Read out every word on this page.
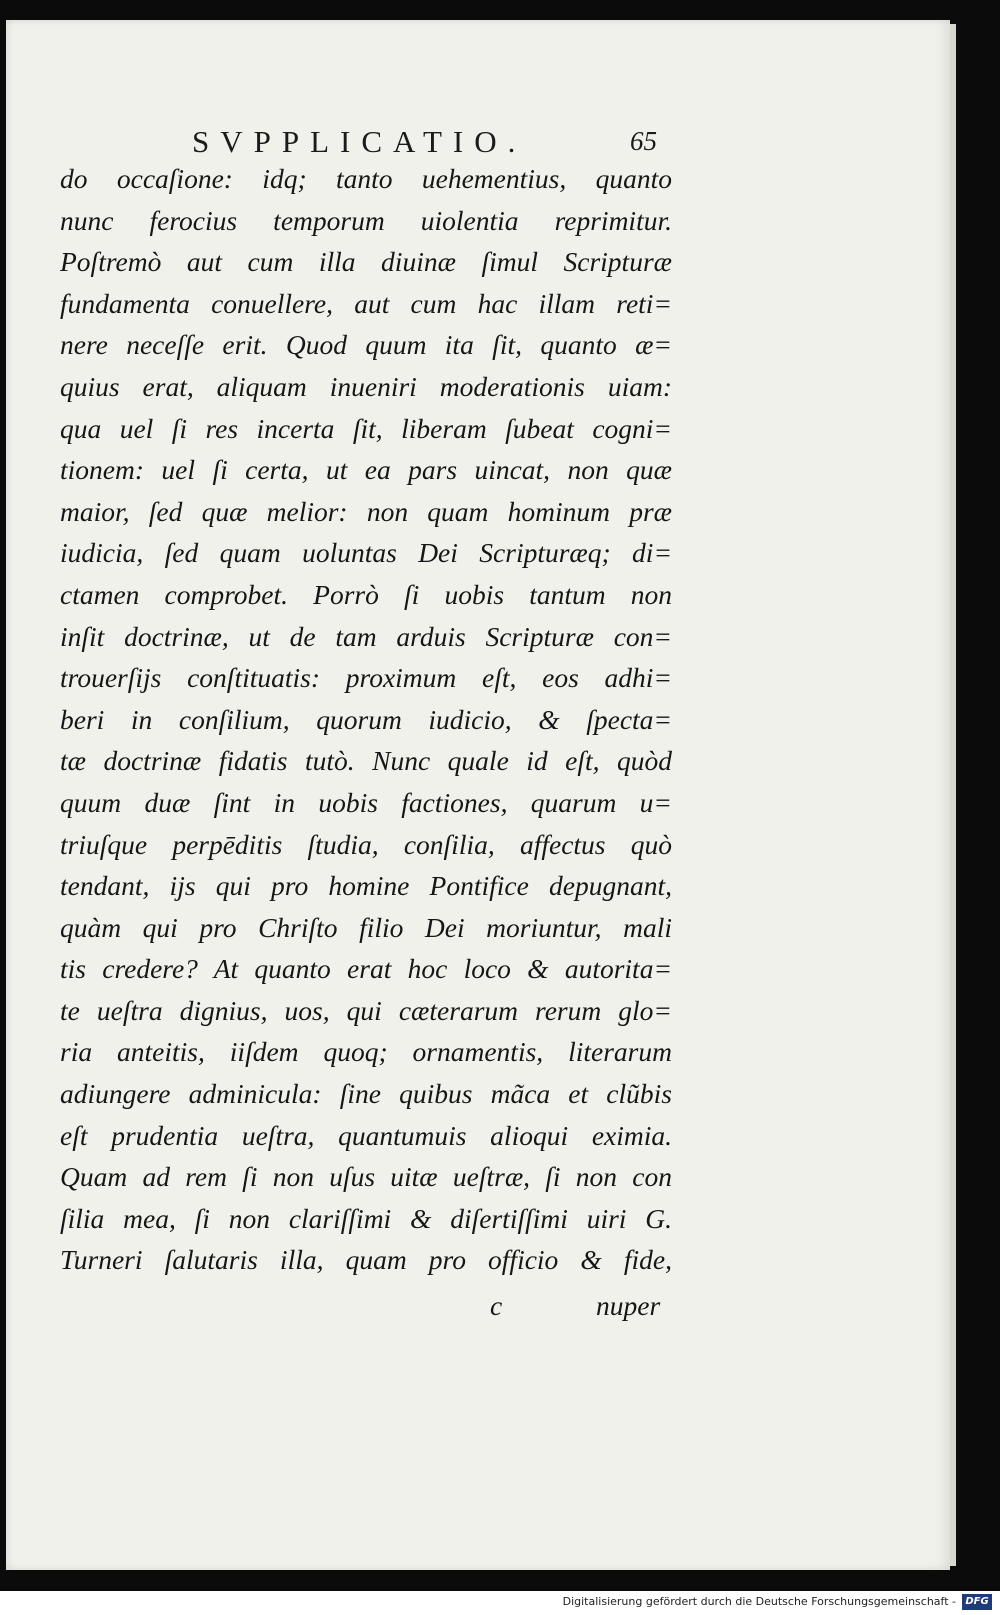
SVPPLICATIO.	65
do occaſione: idq; tanto uehementius, quanto
nunc ferocius temporum uiolentia reprimitur.
Poſtremò aut cum illa diuinæ ſimul Scripturæ
fundamenta conuellere, aut cum hac illam reti=
nere neceſſe erit. Quod quum ita ſit, quanto æ=
quius erat, aliquam inueniri moderationis uiam:
qua uel ſi res incerta ſit, liberam ſubeat cogni=
tionem: uel ſi certa, ut ea pars uincat, non quæ
maior, ſed quæ melior: non quam hominum præ
iudicia, ſed quam uoluntas Dei Scripturæq; di=
ctamen comprobet. Porrò ſi uobis tantum non
inſit doctrinæ, ut de tam arduis Scripturæ con=
trouerſijs conſtituatis: proximum eſt, eos adhi=
beri in conſilium, quorum iudicio, & ſpecta=
tæ doctrinæ fidatis tutò. Nunc quale id eſt, quòd
quum duæ ſint in uobis factiones, quarum u=
triuſque perpēditis ſtudia, conſilia, affectus quò
tendant, ijs qui pro homine Pontifice depugnant,
quàm qui pro Chriſto filio Dei moriuntur, mali
tis credere? At quanto erat hoc loco & autorita=
te ueſtra dignius, uos, qui cæterarum rerum glo=
ria anteitis, iiſdem quoq; ornamentis, literarum
adiungere adminicula: ſine quibus mãca et clũbis
eſt prudentia ueſtra, quantumuis alioqui eximia.
Quam ad rem ſi non uſus uitæ ueſtræ, ſi non con
ſilia mea, ſi non clariſſimi & diſertiſſimi uiri G.
Turneri ſalutaris illa, quam pro officio & fide,
c	nuper
Digitalisierung gefördert durch die Deutsche Forschungsgemeinschaft - DFG
